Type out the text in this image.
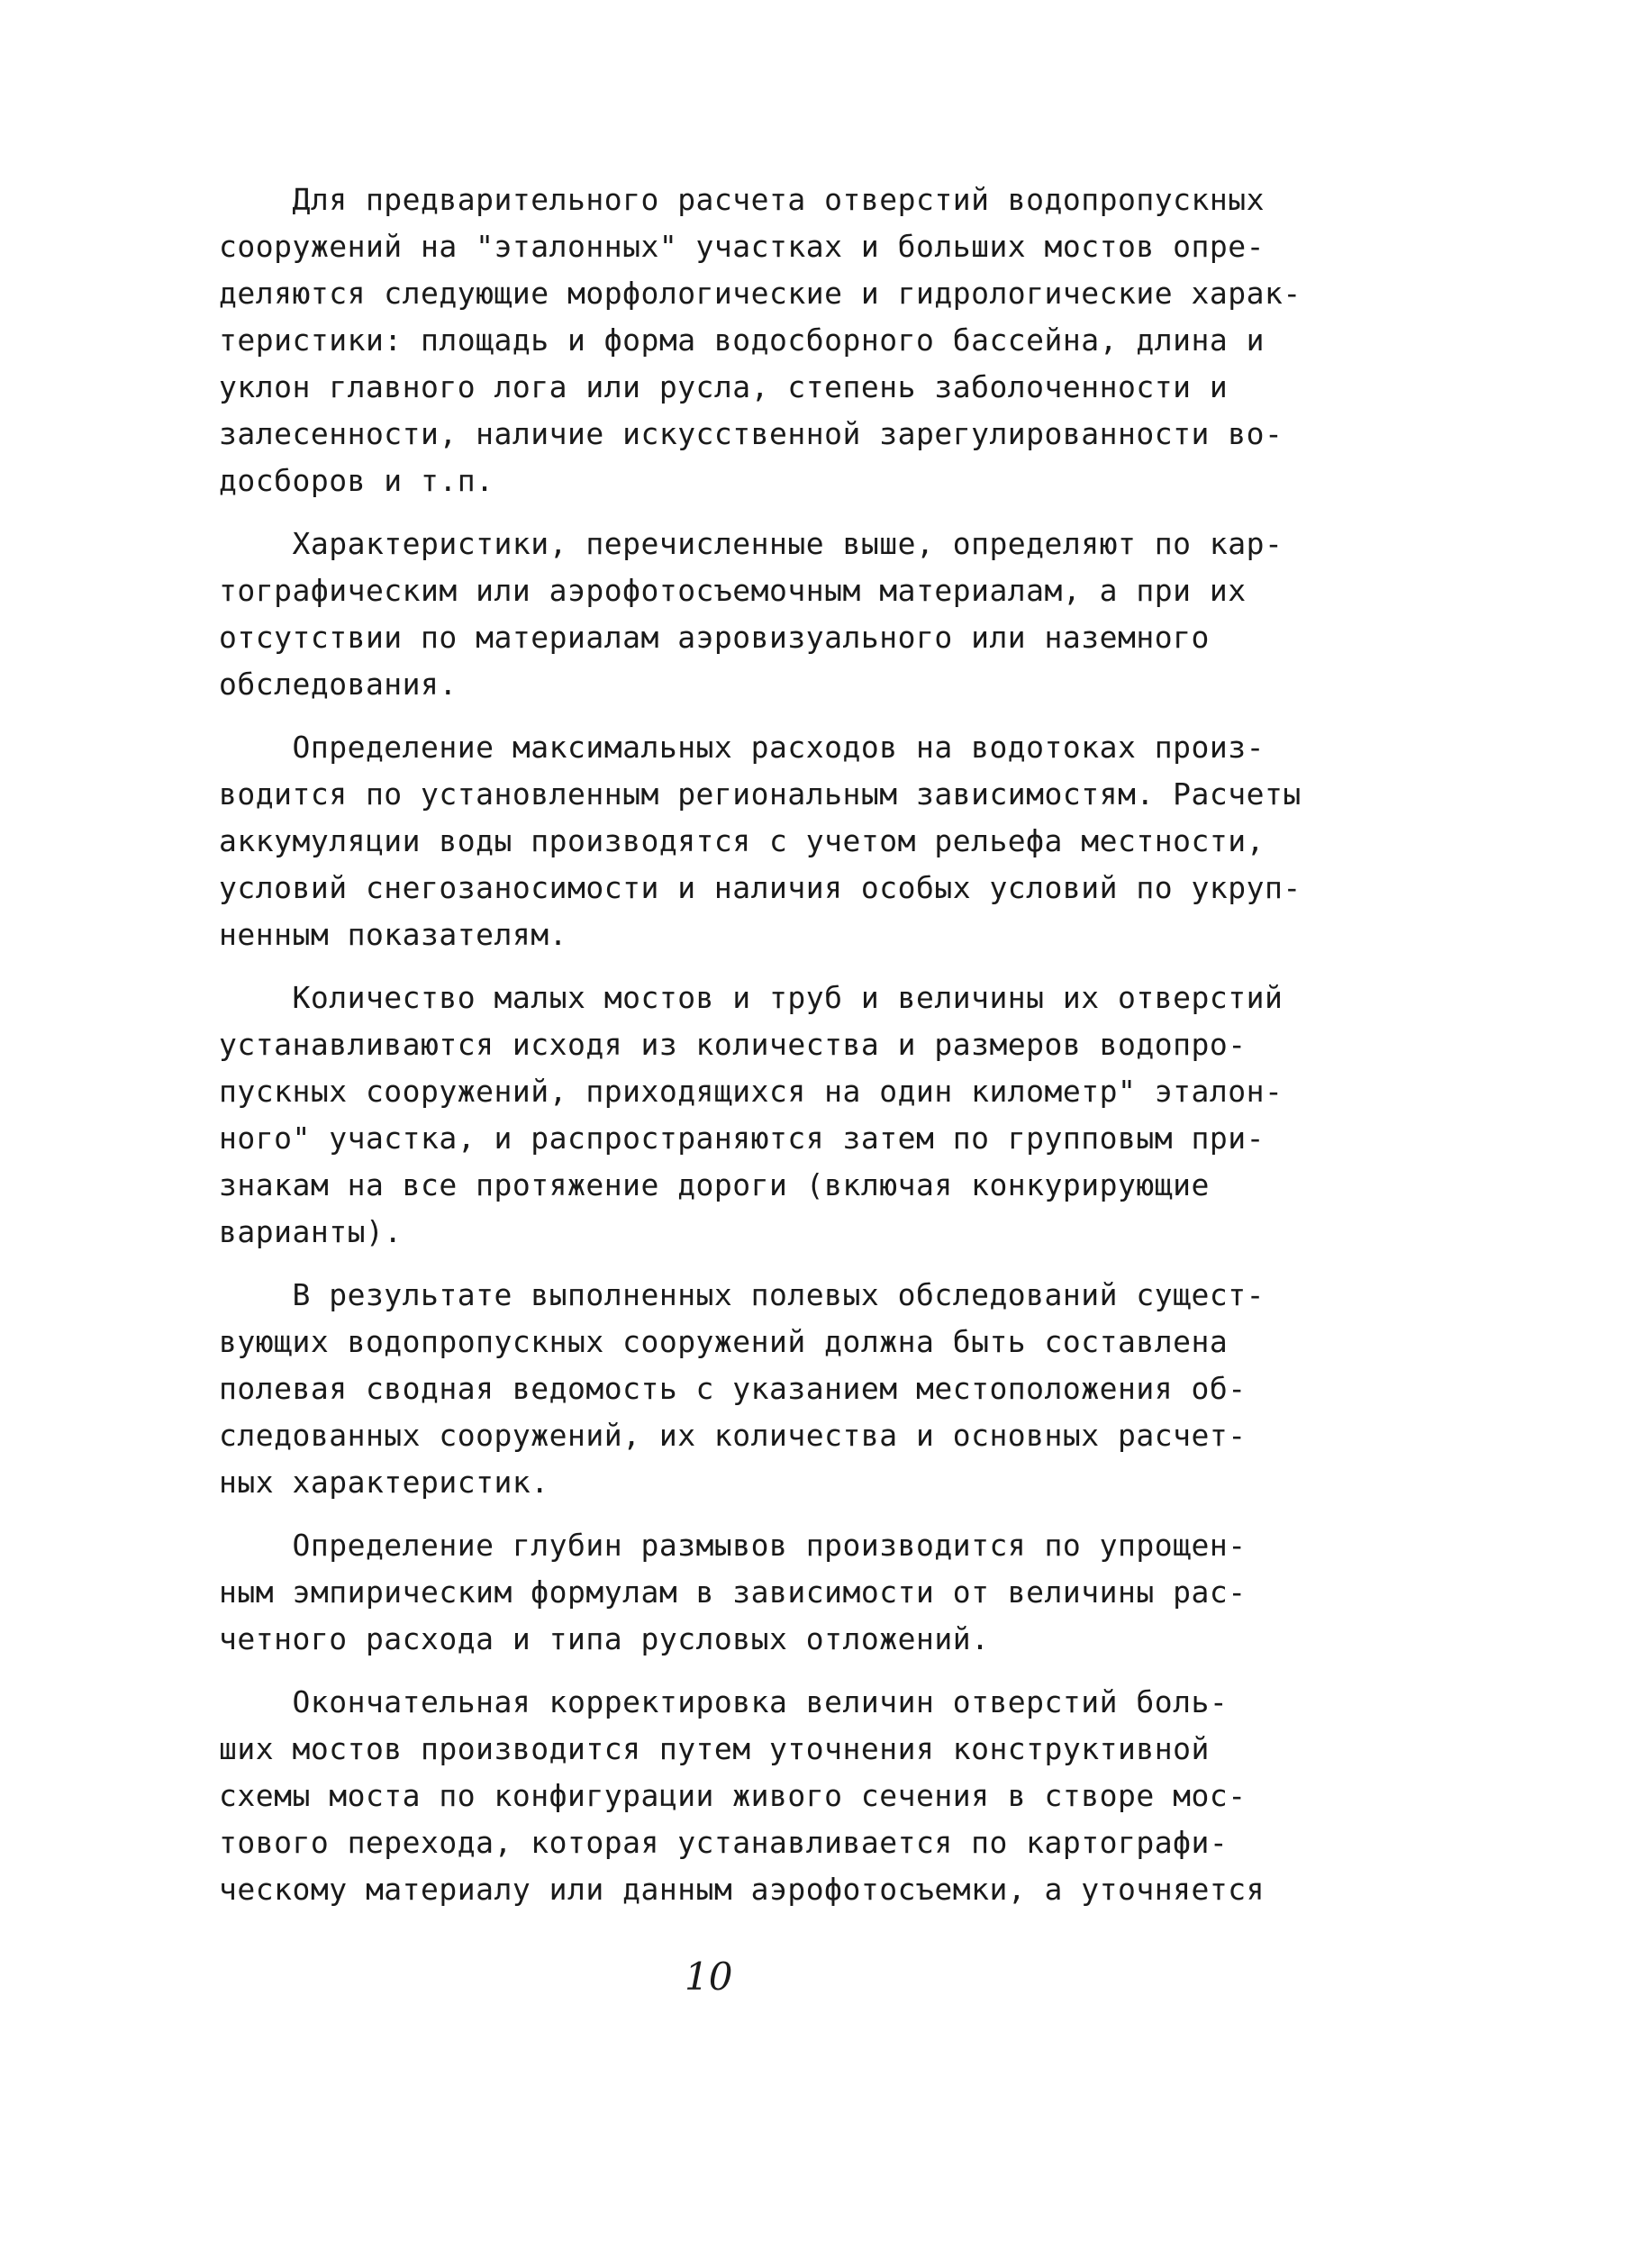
Для предварительного расчета отверстий водопропускных
сооружений на "эталонных" участках и больших мостов опре-
деляются следующие морфологические и гидрологические харак-
теристики: площадь и форма водосборного бассейна, длина и
уклон главного лога или русла, степень заболоченности и
залесенности, наличие искусственной зарегулированности во-
досборов и т.п.
Характеристики, перечисленные выше, определяют по кар-
тографическим или аэрофотосъемочным материалам, а при их
отсутствии по материалам аэровизуального или наземного
обследования.
Определение максимальных расходов на водотоках произ-
водится по установленным региональным зависимостям. Расчеты
аккумуляции воды производятся с учетом рельефа местности,
условий снегозаносимости и наличия особых условий по укруп-
ненным показателям.
Количество малых мостов и труб и величины их отверстий
устанавливаются исходя из количества и размеров водопро-
пускных сооружений, приходящихся на один километр" эталон-
ного" участка, и распространяются затем по групповым при-
знакам на все протяжение дороги (включая конкурирующие
варианты).
В результате выполненных полевых обследований сущест-
вующих водопропускных сооружений должна быть составлена
полевая сводная ведомость с указанием местоположения об-
следованных сооружений, их количества и основных расчет-
ных характеристик.
Определение глубин размывов производится по упрощен-
ным эмпирическим формулам в зависимости от величины рас-
четного расхода и типа русловых отложений.
Окончательная корректировка величин отверстий боль-
ших мостов производится путем уточнения конструктивной
схемы моста по конфигурации живого сечения в створе мос-
тового перехода, которая устанавливается по картографи-
ческому материалу или данным аэрофотосъемки, а уточняется
10
